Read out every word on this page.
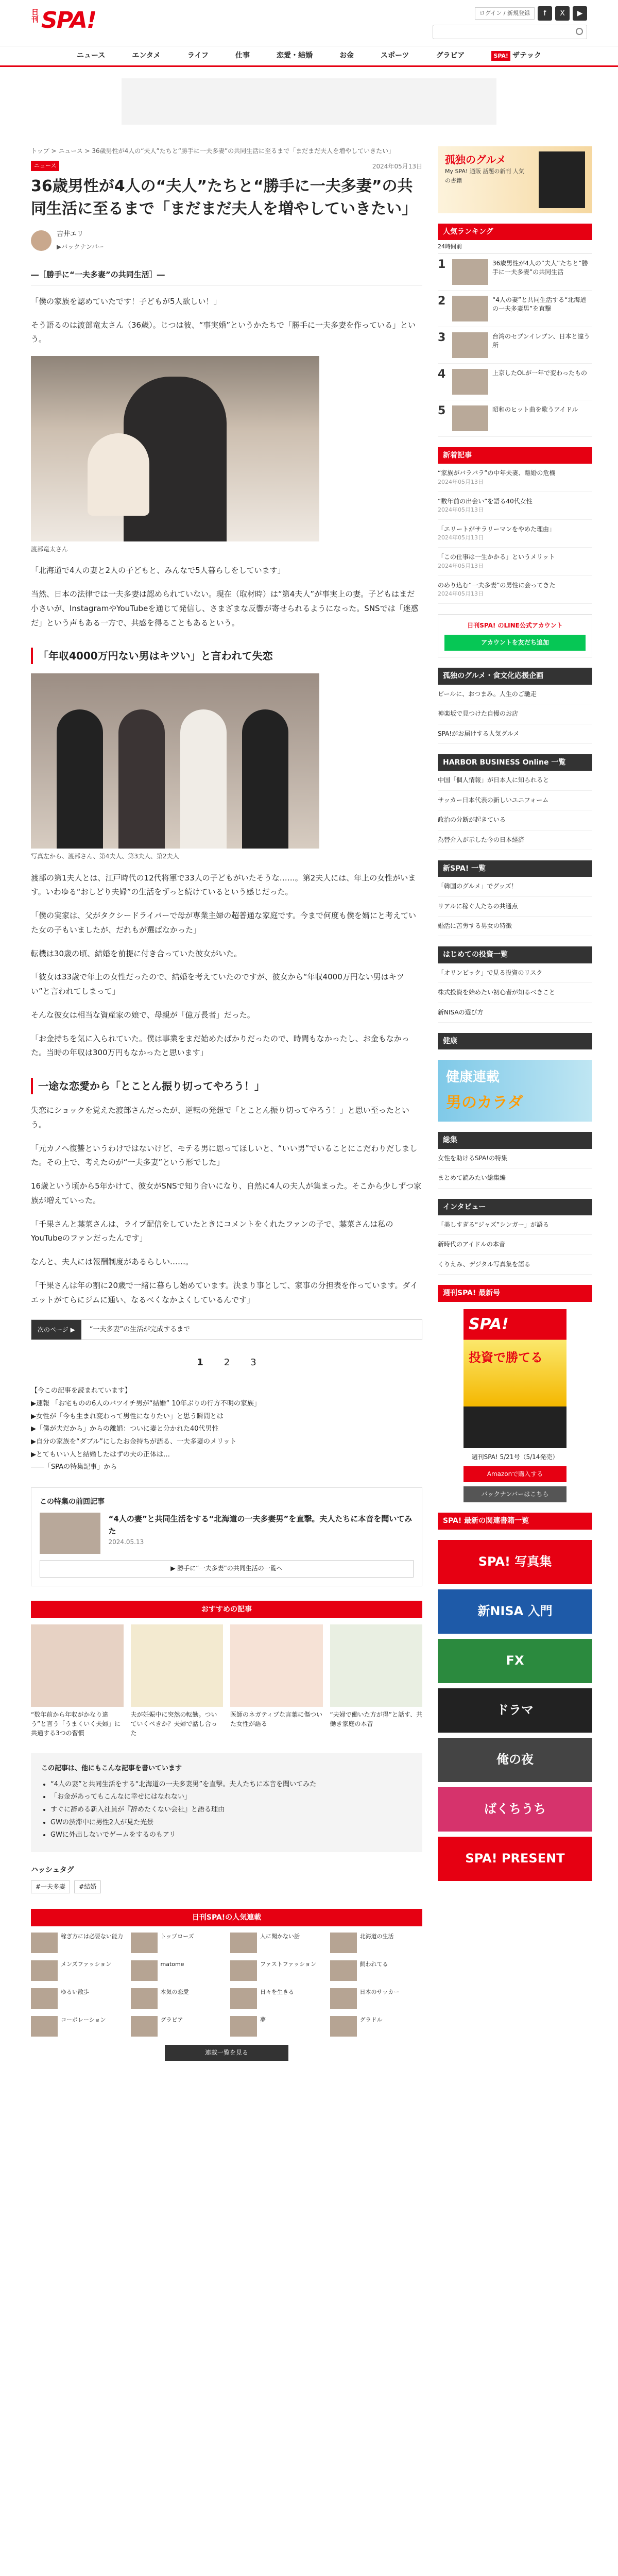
日刊 SPA!	ログイン / 新規登録	f	X	▶
ニュース	エンタメ	ライフ	仕事	恋愛・結婚	お金	スポーツ	グラビア	SPA! ザテック
トップ > ニュース > 36歳男性が4人の“夫人”たちと“勝手に一夫多妻”の共同生活に至るまで「まだまだ夫人を増やしていきたい」
ニュース	2024年05月13日
36歳男性が4人の“夫人”たちと“勝手に一夫多妻”の共同生活に至るまで「まだまだ夫人を増やしていきたい」
吉井エリ
▶バックナンバー
―［勝手に“一夫多妻”の共同生活］―

「僕の家族を認めていたです！子どもが5人欲しい！」

そう語るのは渡部竜太さん（36歳）。じつは彼、“事実婚”というかたちで「勝手に一夫多妻を作っている」という。

渡部竜太さん

「北海道で4人の妻と2人の子どもと、みんなで5人暮らしをしています」

当然、日本の法律では一夫多妻は認められていない。現在（取材時）は“第4夫人”が事実上の妻。子どもはまだ小さいが、InstagramやYouTubeを通じて発信し、さまざまな反響が寄せられるようになった。SNSでは「迷惑だ」という声もある一方で、共感を得ることもあるという。

「年収4000万円ない男はキツい」と言われて失恋
写真左から、渡部さん、第4夫人、第3夫人、第2夫人

渡部の第1夫人とは、江戸時代の12代将軍で33人の子どもがいたそうな……。第2夫人には、年上の女性がいます。いわゆる“おしどり夫婦”の生活をずっと続けているという感じだった。

「僕の実家は、父がタクシードライバーで母が専業主婦の超普通な家庭です。今まで何度も僕を婿にと考えていた女の子もいましたが、だれもが選ばなかった」

転機は30歳の頃、結婚を前提に付き合っていた彼女がいた。

「彼女は33歳で年上の女性だったので、結婚を考えていたのですが、彼女から“年収4000万円ない男はキツい”と言われてしまって」

そんな彼女は相当な資産家の娘で、母親が「億万長者」だった。

「お金持ちを気に入られていた。僕は事業をまだ始めたばかりだったので、時間もなかったし、お金もなかった。当時の年収は300万円もなかったと思います」

一途な恋愛から「とことん振り切ってやろう！」

失恋にショックを覚えた渡部さんだったが、逆転の発想で「とことん振り切ってやろう！」と思い至ったという。

「元カノへ復讐というわけではないけど、モテる男に思ってほしいと、“いい男”でいることにこだわりだしました。その上で、考えたのが“一夫多妻”という形でした」

16歳という頃から5年かけて、彼女がSNSで知り合いになり、自然に4人の夫人が集まった。そこから少しずつ家族が増えていった。

「千果さんと葉菜さんは、ライブ配信をしていたときにコメントをくれたファンの子で、葉菜さんは私のYouTubeのファンだったんです」

なんと、夫人には報酬制度があるらしい……。

「千果さんは年の割に20歳で一緒に暮らし始めています。決まり事として、家事の分担表を作っています。ダイエットがてらにジムに通い、なるべくなかよくしているんです」

次のページ ▶	“一夫多妻”の生活が完成するまで
1 2 3
【今この記事を読まれています】
▶速報 「お宅ものの6人のバツイチ男が“結婚” 10年ぶりの行方不明の家族」
▶女性が「今も生まれ変わって男性になりたい」と思う瞬間とは
▶「僕が夫だから」からの離婚：ついに妻と分かれた40代男性
▶自分の家族を“ダブル”にしたお金持ちが語る、一夫多妻のメリット
▶とてもいい人と結婚したはずの夫の正体は…
――「SPAの特集記事」から
この特集の前回記事
“4人の妻”と共同生活をする“北海道の一夫多妻男”を直撃。夫人たちに本音を聞いてみた
2024.05.13
▶ 勝手に“一夫多妻”の共同生活の一覧へ
おすすめの記事
“数年前から年収がかなり違う”と言う「うまくいく夫婦」に共通する3つの習慣
夫が妊娠中に突然の転勤。ついていくべきか？夫婦で話し合った
医師のネガティブな言葉に傷ついた女性が語る
“夫婦で働いた方が得”と話す、共働き家庭の本音
この記事は、他にもこんな記事を書いています
• “4人の妻”と共同生活をする“北海道の一夫多妻男”を直撃。夫人たちに本音を聞いてみた
• 「お金があってもこんなに幸せにはなれない」
• すぐに辞める新入社員が『辞めたくない会社』と語る理由
• GWの渋滞中に男性2人が見た光景
• GWに外出しないでゲームをするのもアリ
ハッシュタグ
#一夫多妻	#結婚
日刊SPA!の人気連載
稼ぎ方には必要ない能力	トップローズ	人に聞かない話	北海道の生活
メンズファッション	matome	ファストファッション	飼われてる
ゆるい散歩	本気の恋愛	日々を生きる	日本のサッカー
コーポレーション	グラビア	夢	グラドル
連載一覧を見る
孤独のグルメ
My SPA! 通販 話題の新刊 人気の書籍
人気ランキング
24時間前
1	36歳男性が4人の“夫人”たちと“勝手に一夫多妻”の共同生活
2	“4人の妻”と共同生活する“北海道の一夫多妻男”を直撃
3	台湾のセブンイレブン、日本と違う所
4	上京したOLが一年で変わったもの
5	昭和のヒット曲を歌うアイドル
新着記事
“家族がバラバラ”の中年夫妻、離婚の危機
2024年05月13日
“数年前の出会い”を語る40代女性
2024年05月13日
「エリートがサラリーマンをやめた理由」
2024年05月13日
「この仕事は一生かかる」というメリット
2024年05月13日
のめり込む“一夫多妻”の男性に会ってきた
2024年05月13日
日刊SPA! のLINE公式アカウント
アカウントを友だち追加
孤独のグルメ・食文化応援企画
ビールに、おつまみ。人生のご馳走
神楽坂で見つけた自慢のお店
SPA!がお届けする人気グルメ
HARBOR BUSINESS Online 一覧
中国「個人情報」が日本人に知られると
サッカー日本代表の新しいユニフォーム
政治の分断が起きている
為替介入が示した今の日本経済
新SPA! 一覧
「韓国のグルメ」でグッズ！
リアルに稼ぐ人たちの共通点
婚活に苦労する男女の特徴
はじめての投資一覧
「オリンピック」で見る投資のリスク
株式投資を始めたい初心者が知るべきこと
新NISAの選び方
健康
健康連載
男のカラダ
総集
女性を助けるSPA!の特集
まとめて読みたい総集編
インタビュー
「美しすぎる“ジャズ”シンガー」が語る
新時代のアイドルの本音
くりえみ、デジタル写真集を語る
週刊SPA! 最新号
SPA!
投資で勝てる
週刊SPA! 5/21号（5/14発売）
Amazonで購入する
バックナンバーはこちら
SPA! 最新の関連書籍一覧
SPA! 写真集
新NISA 入門
FX
ドラマ
俺の夜
ばくちうち
SPA! PRESENT
